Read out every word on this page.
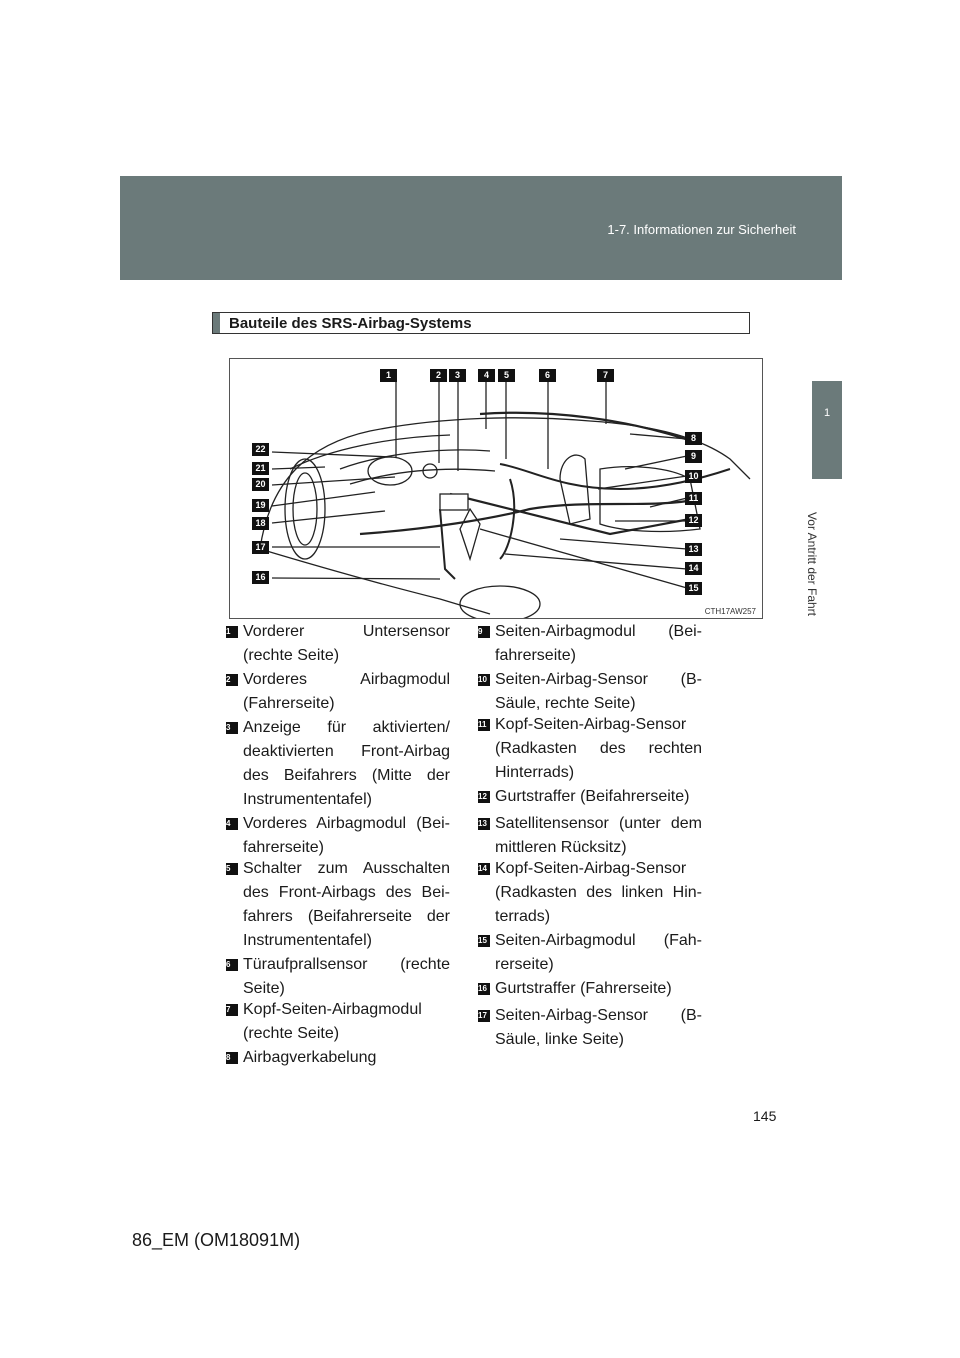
1-7. Informationen zur Sicherheit
1
Vor Antritt der Fahrt
Bauteile des SRS-Airbag-Systems
1	2	3	4	5	6	7
8
9
10
11
12
13
14
15
22
21
20
19
18
17
16
CTH17AW257
1 Vorderer Untersensor (rechte Seite)
2 Vorderes Airbagmodul (Fahrerseite)
3 Anzeige für aktivierten/ deaktivierten Front-Airbag des Beifahrers (Mitte der Instrumententafel)
4 Vorderes Airbagmodul (Bei- fahrerseite)
5 Schalter zum Ausschalten des Front-Airbags des Bei- fahrers (Beifahrerseite der Instrumententafel)
6 Türaufprallsensor (rechte Seite)
7 Kopf-Seiten-Airbagmodul (rechte Seite)
8 Airbagverkabelung
9 Seiten-Airbagmodul (Bei- fahrerseite)
10 Seiten-Airbag-Sensor (B- Säule, rechte Seite)
11 Kopf-Seiten-Airbag-Sensor (Radkasten des rechten Hinterrads)
12 Gurtstraffer (Beifahrerseite)
13 Satellitensensor (unter dem mittleren Rücksitz)
14 Kopf-Seiten-Airbag-Sensor (Radkasten des linken Hin- terrads)
15 Seiten-Airbagmodul (Fah- rerseite)
16 Gurtstraffer (Fahrerseite)
17 Seiten-Airbag-Sensor (B- Säule, linke Seite)
145
86_EM (OM18091M)
